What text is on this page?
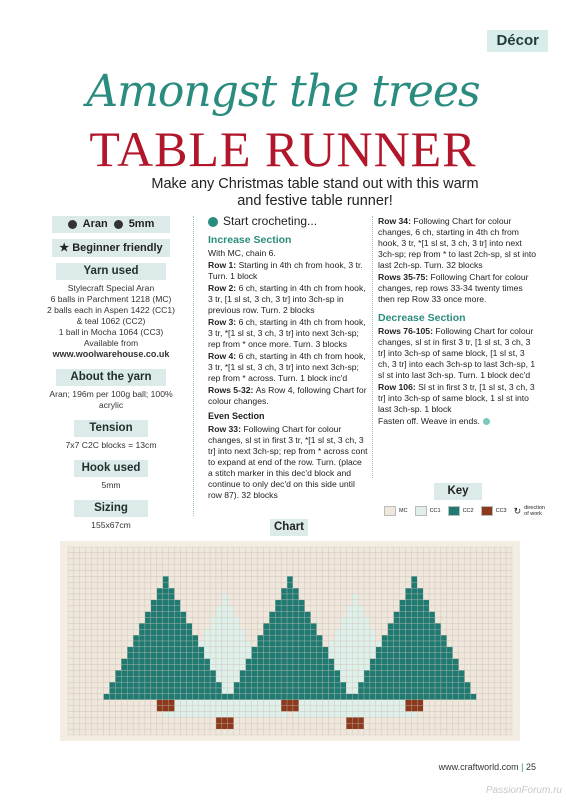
Décor
Amongst the trees
TABLE RUNNER
Make any Christmas table stand out with this warm and festive table runner!
Aran 5mm
★ Beginner friendly
Yarn used
Stylecraft Special Aran
6 balls in Parchment 1218 (MC)
2 balls each in Aspen 1422 (CC1)
& teal 1062 (CC2)
1 ball in Mocha 1064 (CC3)
Available from
www.woolwarehouse.co.uk
About the yarn
Aran; 196m per 100g ball; 100% acrylic
Tension
7x7 C2C blocks = 13cm
Hook used
5mm
Sizing
155x67cm
Start crocheting...
Increase Section

With MC, chain 6.

Row 1: Starting in 4th ch from hook, 3 tr. Turn. 1 block

Row 2: 6 ch, starting in 4th ch from hook, 3 tr, [1 sl st, 3 ch, 3 tr] into 3ch-sp in previous row. Turn. 2 blocks

Row 3: 6 ch, starting in 4th ch from hook, 3 tr, *[1 sl st, 3 ch, 3 tr] into next 3ch-sp; rep from * once more. Turn. 3 blocks

Row 4: 6 ch, starting in 4th ch from hook, 3 tr, *[1 sl st, 3 ch, 3 tr] into next 3ch-sp; rep from * across. Turn. 1 block inc'd

Rows 5-32: As Row 4, following Chart for colour changes.

Even Section

Row 33: Following Chart for colour changes, sl st in first 3 tr, *[1 sl st, 3 ch, 3 tr] into next 3ch-sp; rep from * across cont to expand at end of the row. Turn. (place a stitch marker in this dec'd block and continue to only dec'd on this side until row 87). 32 blocks

Row 34: Following Chart for colour changes, 6 ch, starting in 4th ch from hook, 3 tr, *[1 sl st, 3 ch, 3 tr] into next 3ch-sp; rep from * to last 2ch-sp, sl st into last 2ch-sp. Turn. 32 blocks

Rows 35-75: Following Chart for colour changes, rep rows 33-34 twenty times then rep Row 33 once more.

Decrease Section

Rows 76-105: Following Chart for colour changes, sl st in first 3 tr, [1 sl st, 3 ch, 3 tr] into 3ch-sp of same block, [1 sl st, 3 ch, 3 tr] into each 3ch-sp to last 3ch-sp, 1 sl st into last 3ch-sp. Turn. 1 block dec'd

Row 106: Sl st in first 3 tr, [1 sl st, 3 ch, 3 tr] into 3ch-sp of same block, 1 sl st into last 3ch-sp. 1 block

Fasten off. Weave in ends.

Key
MC	CC1	CC2	CC3 ↻ direction of work
Chart
www.craftworld.com | 25
PassionForum.ru
